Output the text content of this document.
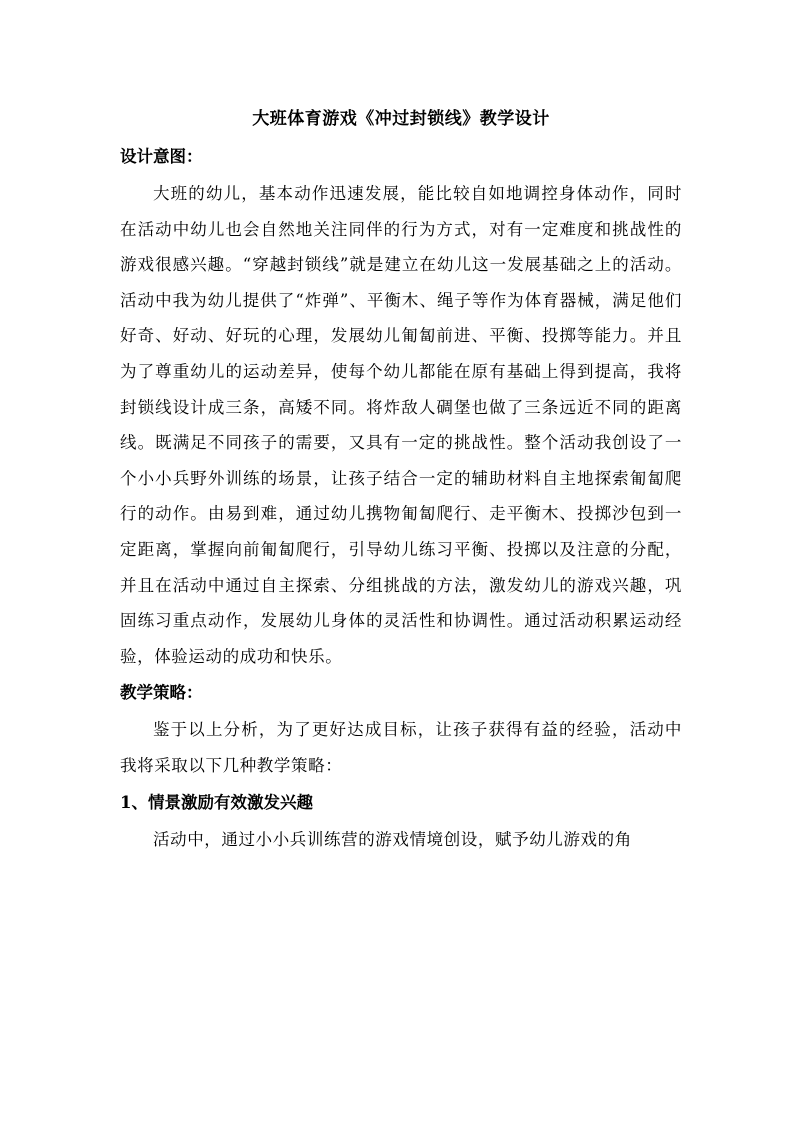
大班体育游戏《冲过封锁线》教学设计

设计意图：

大班的幼儿，基本动作迅速发展，能比较自如地调控身体动作，同时在活动中幼儿也会自然地关注同伴的行为方式，对有一定难度和挑战性的游戏很感兴趣。“穿越封锁线”就是建立在幼儿这一发展基础之上的活动。活动中我为幼儿提供了“炸弹”、平衡木、绳子等作为体育器械，满足他们好奇、好动、好玩的心理，发展幼儿匍匐前进、平衡、投掷等能力。并且为了尊重幼儿的运动差异，使每个幼儿都能在原有基础上得到提高，我将封锁线设计成三条，高矮不同。将炸敌人碉堡也做了三条远近不同的距离线。既满足不同孩子的需要，又具有一定的挑战性。整个活动我创设了一个小小兵野外训练的场景，让孩子结合一定的辅助材料自主地探索匍匐爬行的动作。由易到难，通过幼儿携物匍匐爬行、走平衡木、投掷沙包到一定距离，掌握向前匍匐爬行，引导幼儿练习平衡、投掷以及注意的分配，并且在活动中通过自主探索、分组挑战的方法，激发幼儿的游戏兴趣，巩固练习重点动作，发展幼儿身体的灵活性和协调性。通过活动积累运动经验，体验运动的成功和快乐。

教学策略：

鉴于以上分析，为了更好达成目标，让孩子获得有益的经验，活动中我将采取以下几种教学策略：

1、情景激励有效激发兴趣

活动中，通过小小兵训练营的游戏情境创设，赋予幼儿游戏的角
